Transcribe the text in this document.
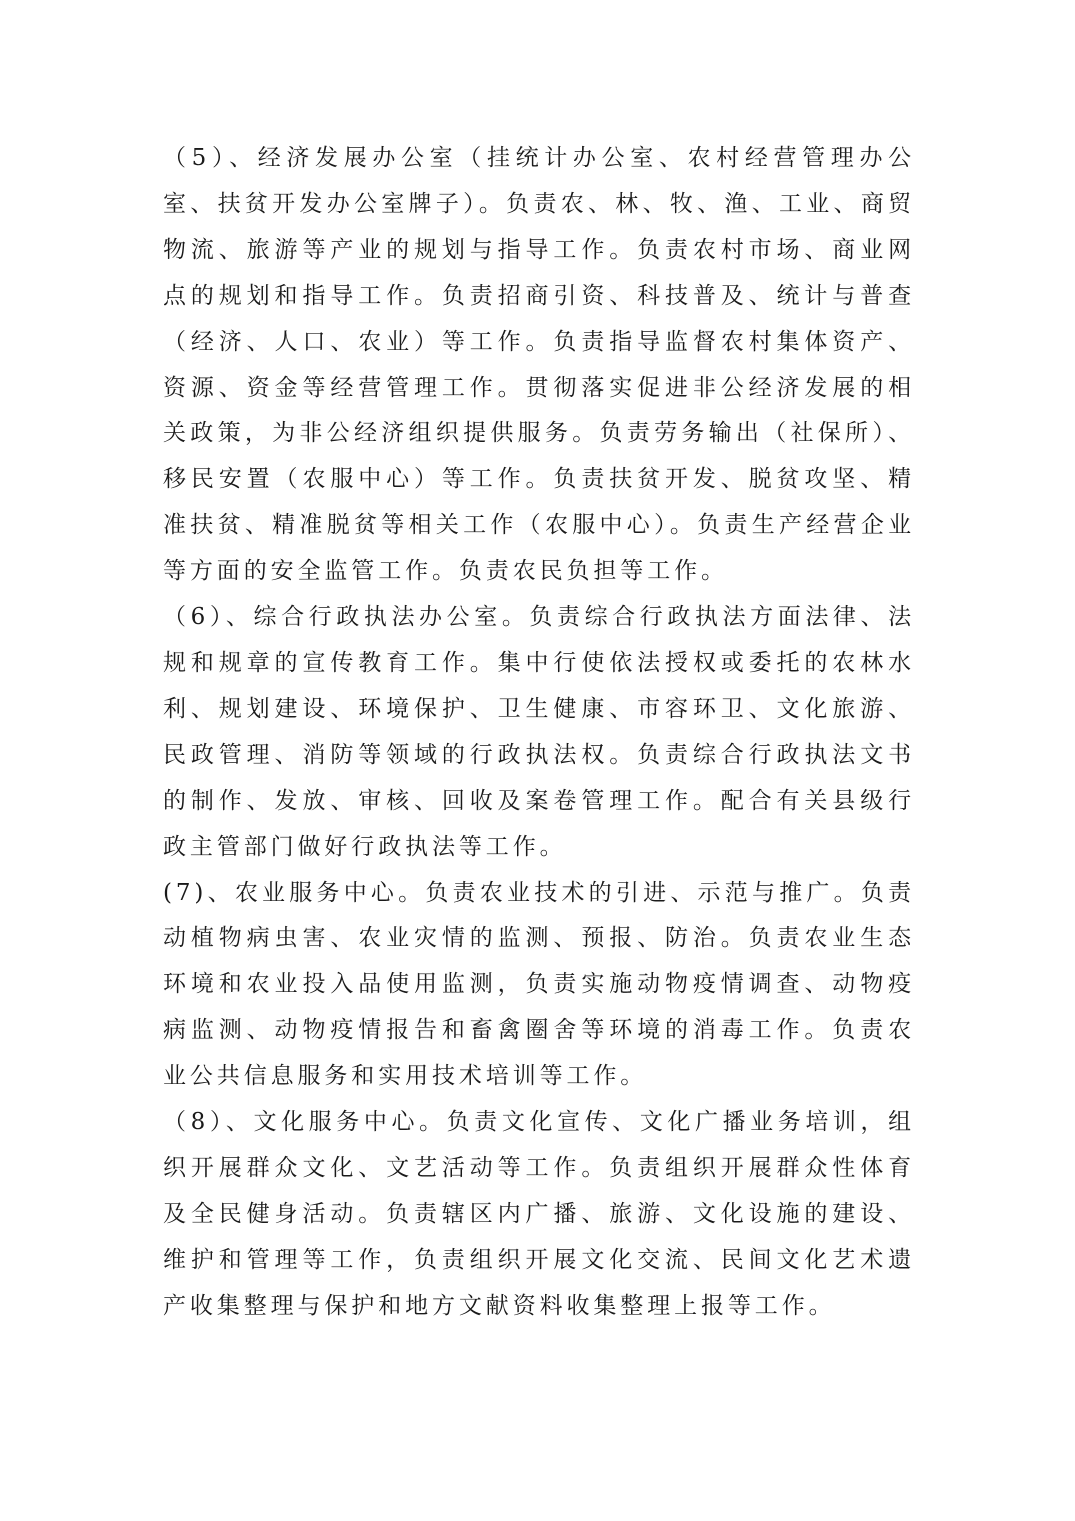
（5）、经济发展办公室（挂统计办公室、农村经营管理办公室、扶贫开发办公室牌子）。负责农、林、牧、渔、工业、商贸物流、旅游等产业的规划与指导工作。负责农村市场、商业网点的规划和指导工作。负责招商引资、科技普及、统计与普查（经济、人口、农业）等工作。负责指导监督农村集体资产、资源、资金等经营管理工作。贯彻落实促进非公经济发展的相关政策，为非公经济组织提供服务。负责劳务输出（社保所）、移民安置（农服中心）等工作。负责扶贫开发、脱贫攻坚、精准扶贫、精准脱贫等相关工作（农服中心）。负责生产经营企业等方面的安全监管工作。负责农民负担等工作。

（6）、综合行政执法办公室。负责综合行政执法方面法律、法规和规章的宣传教育工作。集中行使依法授权或委托的农林水利、规划建设、环境保护、卫生健康、市容环卫、文化旅游、民政管理、消防等领域的行政执法权。负责综合行政执法文书的制作、发放、审核、回收及案卷管理工作。配合有关县级行政主管部门做好行政执法等工作。

(7)、农业服务中心。负责农业技术的引进、示范与推广。负责动植物病虫害、农业灾情的监测、预报、防治。负责农业生态环境和农业投入品使用监测，负责实施动物疫情调查、动物疫病监测、动物疫情报告和畜禽圈舍等环境的消毒工作。负责农业公共信息服务和实用技术培训等工作。

（8）、文化服务中心。负责文化宣传、文化广播业务培训，组织开展群众文化、文艺活动等工作。负责组织开展群众性体育及全民健身活动。负责辖区内广播、旅游、文化设施的建设、维护和管理等工作，负责组织开展文化交流、民间文化艺术遗产收集整理与保护和地方文献资料收集整理上报等工作。
